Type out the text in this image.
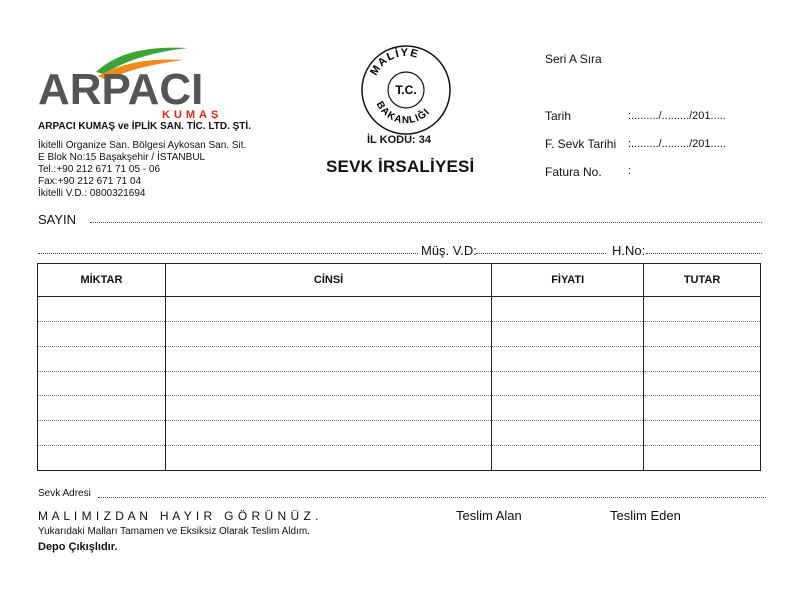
ARPACI
KUMAŞ
ARPACI KUMAŞ ve İPLİK SAN. TİC. LTD. ŞTİ.
İkitelli Organize San. Bölgesi Aykosan San. Sit.
E Blok No:15 Başakşehir / İSTANBUL
Tel.:+90 212 671 71 05 - 06
Fax:+90 212 671 71 04
İkitelli V.D.: 0800321694
MALİYE
BAKANLIĞI
T.C.
İL KODU: 34
SEVK İRSALİYESİ
Seri A Sıra
Tarih	:........./........./201.....
F. Sevk Tarihi :........./........./201.....
Fatura No. :
SAYIN
Müş. V.D:	H.No:
MİKTAR	CİNSİ	FİYATI	TUTAR

Sevk Adresi
M A L I M I Z D A N   H A Y I R   G Ö R Ü N Ü Z .
Yukarıdaki Malları Tamamen ve Eksiksiz Olarak Teslim Aldım.
Depo Çıkışlıdır.
Teslim Alan	Teslim Eden
